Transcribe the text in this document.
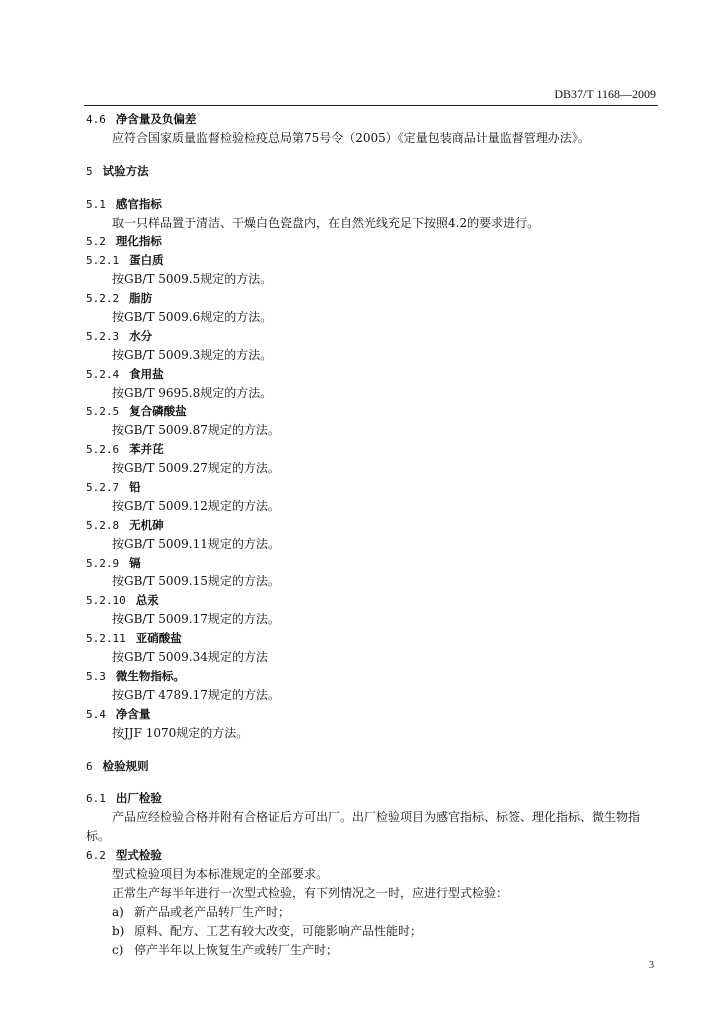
DB37/T 1168—2009
4.6 净含量及负偏差
应符合国家质量监督检验检疫总局第75号令（2005）《定量包装商品计量监督管理办法》。
5 试验方法
5.1 感官指标
取一只样品置于清洁、干燥白色瓷盘内，在自然光线充足下按照4.2的要求进行。
5.2 理化指标
5.2.1 蛋白质
按GB/T 5009.5规定的方法。
5.2.2 脂肪
按GB/T 5009.6规定的方法。
5.2.3 水分
按GB/T 5009.3规定的方法。
5.2.4 食用盐
按GB/T 9695.8规定的方法。
5.2.5 复合磷酸盐
按GB/T 5009.87规定的方法。
5.2.6 苯并芘
按GB/T 5009.27规定的方法。
5.2.7 铅
按GB/T 5009.12规定的方法。
5.2.8 无机砷
按GB/T 5009.11规定的方法。
5.2.9 镉
按GB/T 5009.15规定的方法。
5.2.10 总汞
按GB/T 5009.17规定的方法。
5.2.11 亚硝酸盐
按GB/T 5009.34规定的方法
5.3 微生物指标。
按GB/T 4789.17规定的方法。
5.4 净含量
按JJF 1070规定的方法。
6 检验规则
6.1 出厂检验
产品应经检验合格并附有合格证后方可出厂。出厂检验项目为感官指标、标签、理化指标、微生物指标。
6.2 型式检验
型式检验项目为本标准规定的全部要求。
正常生产每半年进行一次型式检验，有下列情况之一时，应进行型式检验：
a) 新产品或老产品转厂生产时；
b) 原料、配方、工艺有较大改变，可能影响产品性能时；
c) 停产半年以上恢复生产或转厂生产时；
3
